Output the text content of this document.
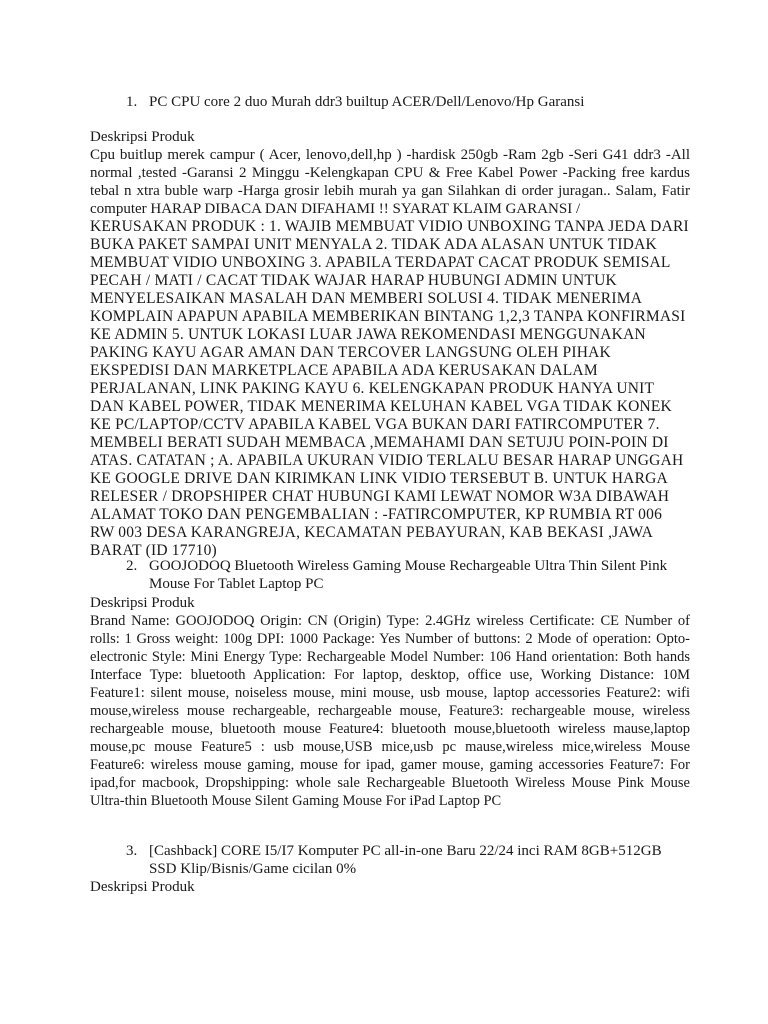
1. PC CPU core 2 duo Murah ddr3 builtup ACER/Dell/Lenovo/Hp Garansi

Deskripsi Produk

Cpu buitlup merek campur ( Acer, lenovo,dell,hp ) -hardisk 250gb -Ram 2gb -Seri G41 ddr3 -All normal ,tested -Garansi 2 Minggu -Kelengkapan CPU & Free Kabel Power -Packing free kardus tebal n xtra buble warp -Harga grosir lebih murah ya gan Silahkan di order juragan.. Salam, Fatir computer HARAP DIBACA DAN DIFAHAMI !! SYARAT KLAIM GARANSI /

KERUSAKAN PRODUK : 1. WAJIB MEMBUAT VIDIO UNBOXING TANPA JEDA DARI BUKA PAKET SAMPAI UNIT MENYALA 2. TIDAK ADA ALASAN UNTUK TIDAK MEMBUAT VIDIO UNBOXING 3. APABILA TERDAPAT CACAT PRODUK SEMISAL PECAH / MATI / CACAT TIDAK WAJAR HARAP HUBUNGI ADMIN UNTUK MENYELESAIKAN MASALAH DAN MEMBERI SOLUSI 4. TIDAK MENERIMA KOMPLAIN APAPUN APABILA MEMBERIKAN BINTANG 1,2,3 TANPA KONFIRMASI KE ADMIN 5. UNTUK LOKASI LUAR JAWA REKOMENDASI MENGGUNAKAN PAKING KAYU AGAR AMAN DAN TERCOVER LANGSUNG OLEH PIHAK EKSPEDISI DAN MARKETPLACE APABILA ADA KERUSAKAN DALAM PERJALANAN, LINK PAKING KAYU 6. KELENGKAPAN PRODUK HANYA UNIT DAN KABEL POWER, TIDAK MENERIMA KELUHAN KABEL VGA TIDAK KONEK KE PC/LAPTOP/CCTV APABILA KABEL VGA BUKAN DARI FATIRCOMPUTER 7. MEMBELI BERATI SUDAH MEMBACA ,MEMAHAMI DAN SETUJU POIN-POIN DI ATAS. CATATAN ; A. APABILA UKURAN VIDIO TERLALU BESAR HARAP UNGGAH KE GOOGLE DRIVE DAN KIRIMKAN LINK VIDIO TERSEBUT B. UNTUK HARGA RELESER / DROPSHIPER CHAT HUBUNGI KAMI LEWAT NOMOR W3A DIBAWAH ALAMAT TOKO DAN PENGEMBALIAN : -FATIRCOMPUTER, KP RUMBIA RT 006 RW 003 DESA KARANGREJA, KECAMATAN PEBAYURAN, KAB BEKASI ,JAWA BARAT (ID 17710)

2. GOOJODOQ Bluetooth Wireless Gaming Mouse Rechargeable Ultra Thin Silent Pink Mouse For Tablet Laptop PC

Deskripsi Produk

Brand Name: GOOJODOQ Origin: CN (Origin) Type: 2.4GHz wireless Certificate: CE Number of rolls: 1 Gross weight: 100g DPI: 1000 Package: Yes Number of buttons: 2 Mode of operation: Opto-electronic Style: Mini Energy Type: Rechargeable Model Number: 106 Hand orientation: Both hands Interface Type: bluetooth Application: For laptop, desktop, office use, Working Distance: 10M Feature1: silent mouse, noiseless mouse, mini mouse, usb mouse, laptop accessories Feature2: wifi mouse,wireless mouse rechargeable, rechargeable mouse, Feature3: rechargeable mouse, wireless rechargeable mouse, bluetooth mouse Feature4: bluetooth mouse,bluetooth wireless mause,laptop mouse,pc mouse Feature5 : usb mouse,USB mice,usb pc mause,wireless mice,wireless Mouse Feature6: wireless mouse gaming, mouse for ipad, gamer mouse, gaming accessories Feature7: For ipad,for macbook, Dropshipping: whole sale Rechargeable Bluetooth Wireless Mouse Pink Mouse Ultra-thin Bluetooth Mouse Silent Gaming Mouse For iPad Laptop PC

3. [Cashback] CORE I5/I7 Komputer PC all-in-one Baru 22/24 inci RAM 8GB+512GB SSD Klip/Bisnis/Game cicilan 0%

Deskripsi Produk
